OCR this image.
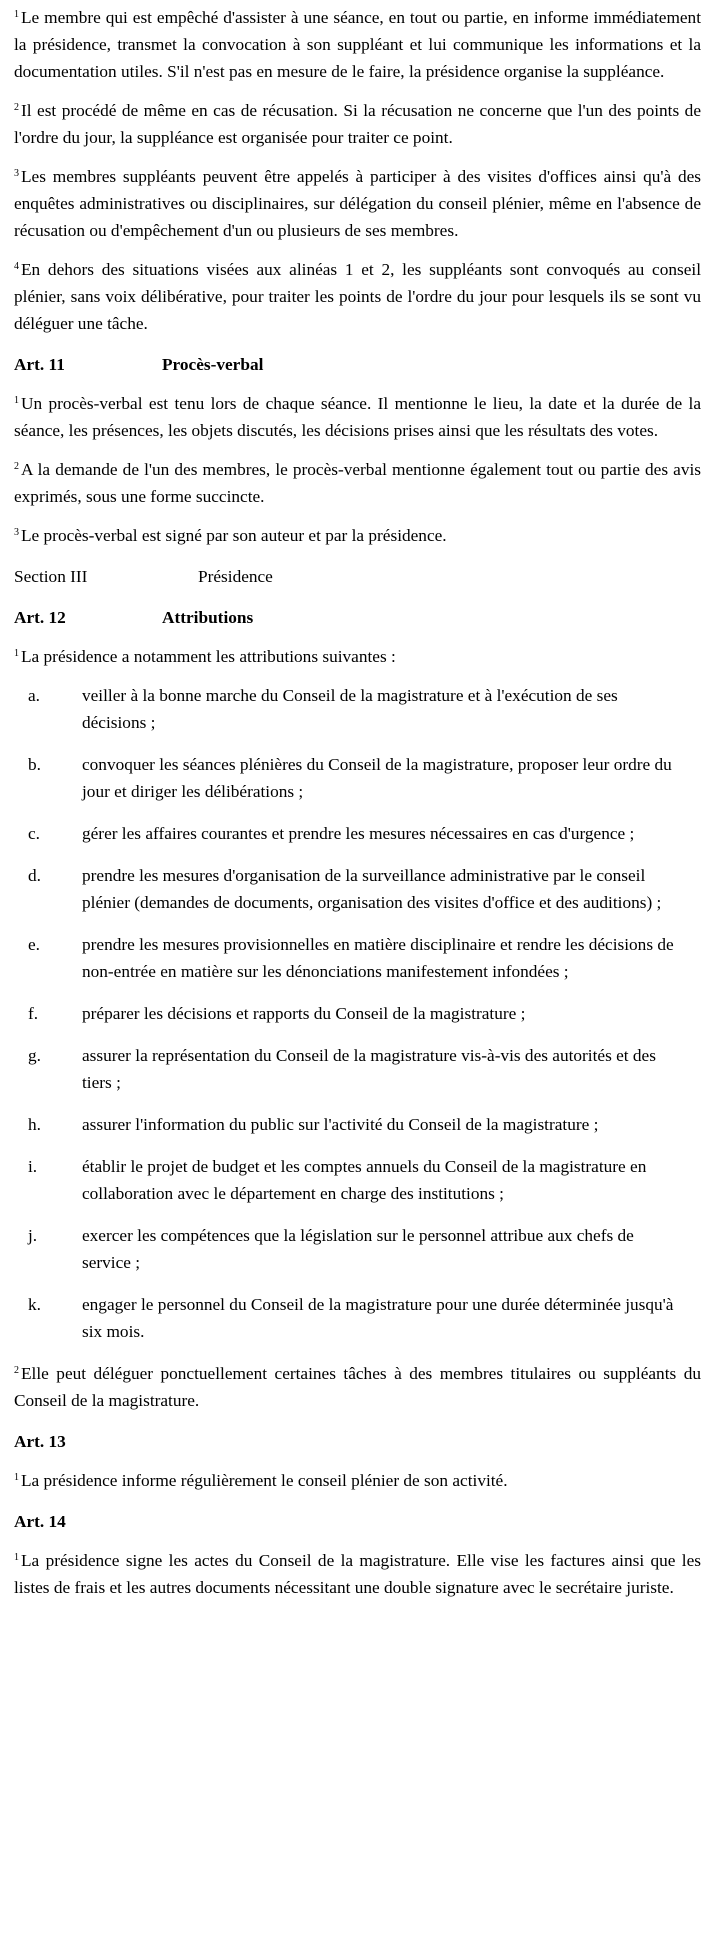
$^1$ Le membre qui est empêché d'assister à une séance, en tout ou partie, en informe immédiatement la présidence, transmet la convocation à son suppléant et lui communique les informations et la documentation utiles. S'il n'est pas en mesure de le faire, la présidence organise la suppléance.

$^2$ Il est procédé de même en cas de récusation. Si la récusation ne concerne que l'un des points de l'ordre du jour, la suppléance est organisée pour traiter ce point.

$^3$ Les membres suppléants peuvent être appelés à participer à des visites d'offices ainsi qu'à des enquêtes administratives ou disciplinaires, sur délégation du conseil plénier, même en l'absence de récusation ou d'empêchement d'un ou plusieurs de ses membres.

$^4$ En dehors des situations visées aux alinéas 1 et 2, les suppléants sont convoqués au conseil plénier, sans voix délibérative, pour traiter les points de l'ordre du jour pour lesquels ils se sont vu déléguer une tâche.

Art. 11	Procès-verbal

$^1$ Un procès-verbal est tenu lors de chaque séance. Il mentionne le lieu, la date et la durée de la séance, les présences, les objets discutés, les décisions prises ainsi que les résultats des votes.

$^2$ A la demande de l'un des membres, le procès-verbal mentionne également tout ou partie des avis exprimés, sous une forme succincte.

$^3$ Le procès-verbal est signé par son auteur et par la présidence.

Section III	Présidence
Art. 12	Attributions

$^1$ La présidence a notamment les attributions suivantes :

a.	veiller à la bonne marche du Conseil de la magistrature et à l'exécution de ses décisions ;
b.	convoquer les séances plénières du Conseil de la magistrature, proposer leur ordre du jour et diriger les délibérations ;
c.	gérer les affaires courantes et prendre les mesures nécessaires en cas d'urgence ;
d.	prendre les mesures d'organisation de la surveillance administrative par le conseil plénier (demandes de documents, organisation des visites d'office et des auditions) ;
e.	prendre les mesures provisionnelles en matière disciplinaire et rendre les décisions de non-entrée en matière sur les dénonciations manifestement infondées ;
f.	préparer les décisions et rapports du Conseil de la magistrature ;
g.	assurer la représentation du Conseil de la magistrature vis-à-vis des autorités et des tiers ;
h.	assurer l'information du public sur l'activité du Conseil de la magistrature ;
i.	établir le projet de budget et les comptes annuels du Conseil de la magistrature en collaboration avec le département en charge des institutions ;
j.	exercer les compétences que la législation sur le personnel attribue aux chefs de service ;
k.	engager le personnel du Conseil de la magistrature pour une durée déterminée jusqu'à six mois.

$^2$ Elle peut déléguer ponctuellement certaines tâches à des membres titulaires ou suppléants du Conseil de la magistrature.

Art. 13

$^1$ La présidence informe régulièrement le conseil plénier de son activité.

Art. 14

$^1$ La présidence signe les actes du Conseil de la magistrature. Elle vise les factures ainsi que les listes de frais et les autres documents nécessitant une double signature avec le secrétaire juriste.
